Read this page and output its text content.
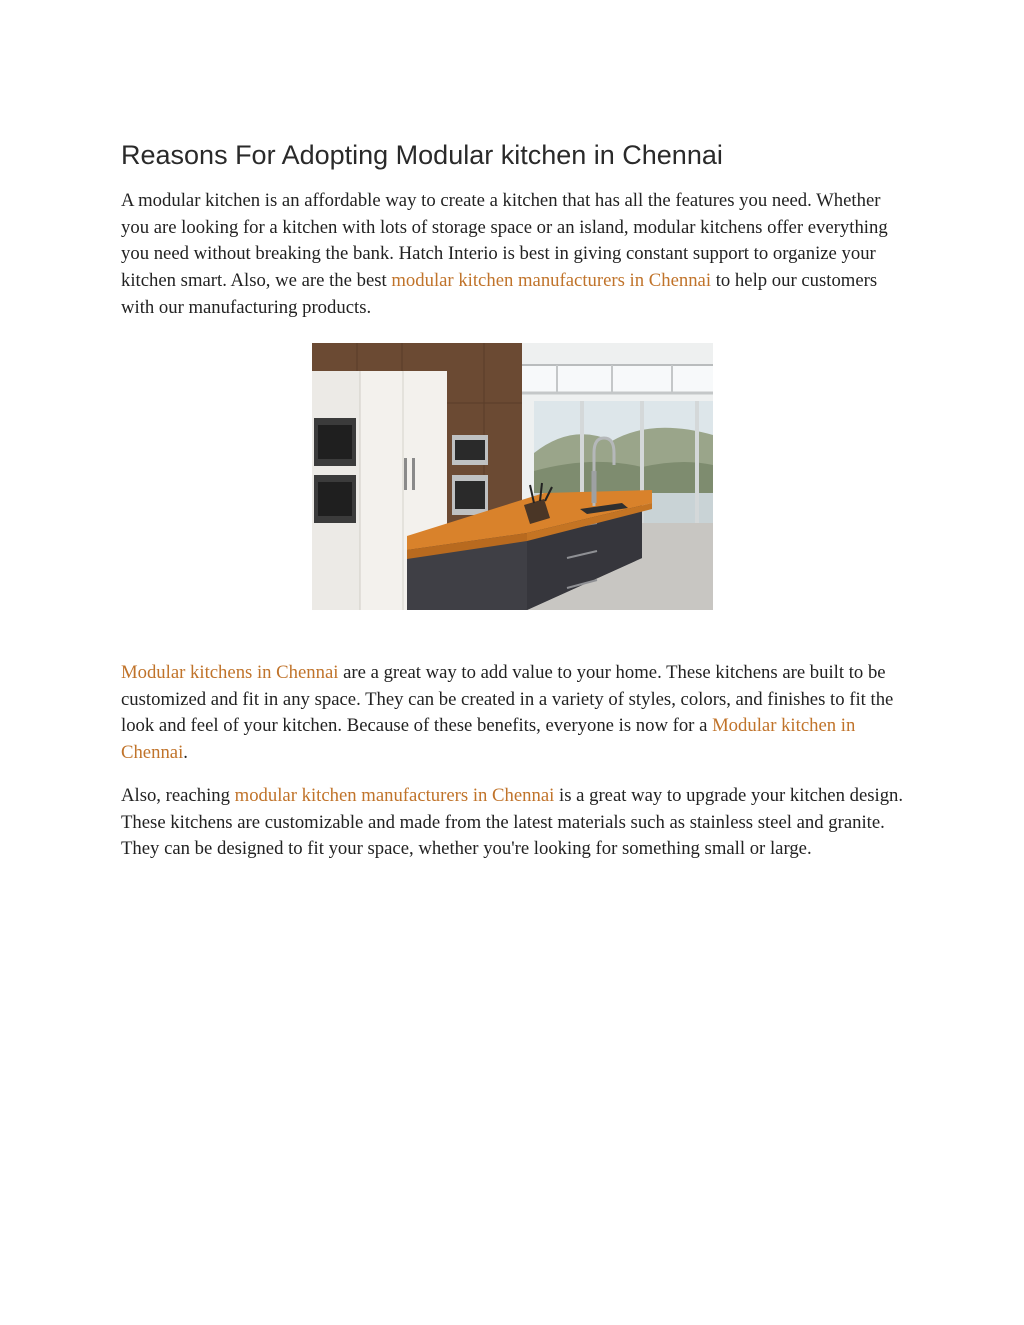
Reasons For Adopting Modular kitchen in Chennai

A modular kitchen is an affordable way to create a kitchen that has all the features you need. Whether you are looking for a kitchen with lots of storage space or an island, modular kitchens offer everything you need without breaking the bank. Hatch Interio is best in giving constant support to organize your kitchen smart. Also, we are the best modular kitchen manufacturers in Chennai to help our customers with our manufacturing products.

Modular kitchens in Chennai are a great way to add value to your home. These kitchens are built to be customized and fit in any space. They can be created in a variety of styles, colors, and finishes to fit the look and feel of your kitchen. Because of these benefits, everyone is now for a Modular kitchen in Chennai.

Also, reaching modular kitchen manufacturers in Chennai is a great way to upgrade your kitchen design. These kitchens are customizable and made from the latest materials such as stainless steel and granite. They can be designed to fit your space, whether you're looking for something small or large.
